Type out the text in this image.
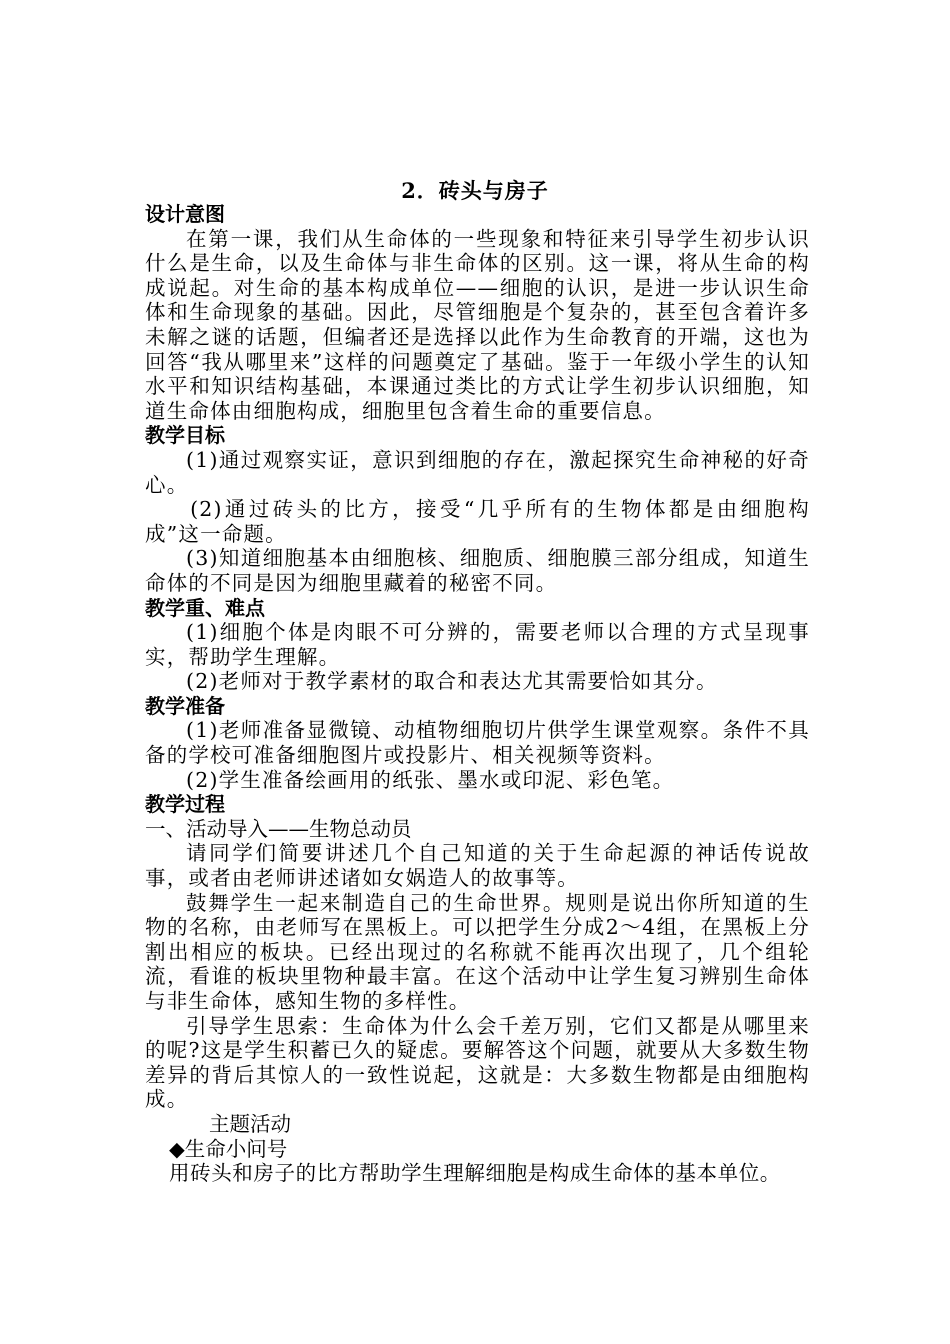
2．砖头与房子
设计意图

在第一课，我们从生命体的一些现象和特征来引导学生初步认识什么是生命，以及生命体与非生命体的区别。这一课，将从生命的构成说起。对生命的基本构成单位——细胞的认识，是进一步认识生命体和生命现象的基础。因此，尽管细胞是个复杂的，甚至包含着许多未解之谜的话题，但编者还是选择以此作为生命教育的开端，这也为回答“我从哪里来”这样的问题奠定了基础。鉴于一年级小学生的认知水平和知识结构基础，本课通过类比的方式让学生初步认识细胞，知道生命体由细胞构成，细胞里包含着生命的重要信息。

教学目标

(1)通过观察实证，意识到细胞的存在，激起探究生命神秘的好奇心。

(2)通过砖头的比方，接受“几乎所有的生物体都是由细胞构成”这一命题。

(3)知道细胞基本由细胞核、细胞质、细胞膜三部分组成，知道生命体的不同是因为细胞里藏着的秘密不同。

教学重、难点

(1)细胞个体是肉眼不可分辨的，需要老师以合理的方式呈现事实，帮助学生理解。

(2)老师对于教学素材的取合和表达尤其需要恰如其分。

教学准备

(1)老师准备显微镜、动植物细胞切片供学生课堂观察。条件不具备的学校可准备细胞图片或投影片、相关视频等资料。

(2)学生准备绘画用的纸张、墨水或印泥、彩色笔。

教学过程

一、活动导入——生物总动员

请同学们简要讲述几个自己知道的关于生命起源的神话传说故事，或者由老师讲述诸如女娲造人的故事等。

鼓舞学生一起来制造自己的生命世界。规则是说出你所知道的生物的名称，由老师写在黑板上。可以把学生分成2～4组，在黑板上分割出相应的板块。已经出现过的名称就不能再次出现了，几个组轮流，看谁的板块里物种最丰富。在这个活动中让学生复习辨别生命体与非生命体，感知生物的多样性。

引导学生思索：生命体为什么会千差万别，它们又都是从哪里来的呢?这是学生积蓄已久的疑虑。要解答这个问题，就要从大多数生物差异的背后其惊人的一致性说起，这就是：大多数生物都是由细胞构成。

主题活动

◆生命小问号

用砖头和房子的比方帮助学生理解细胞是构成生命体的基本单位。
